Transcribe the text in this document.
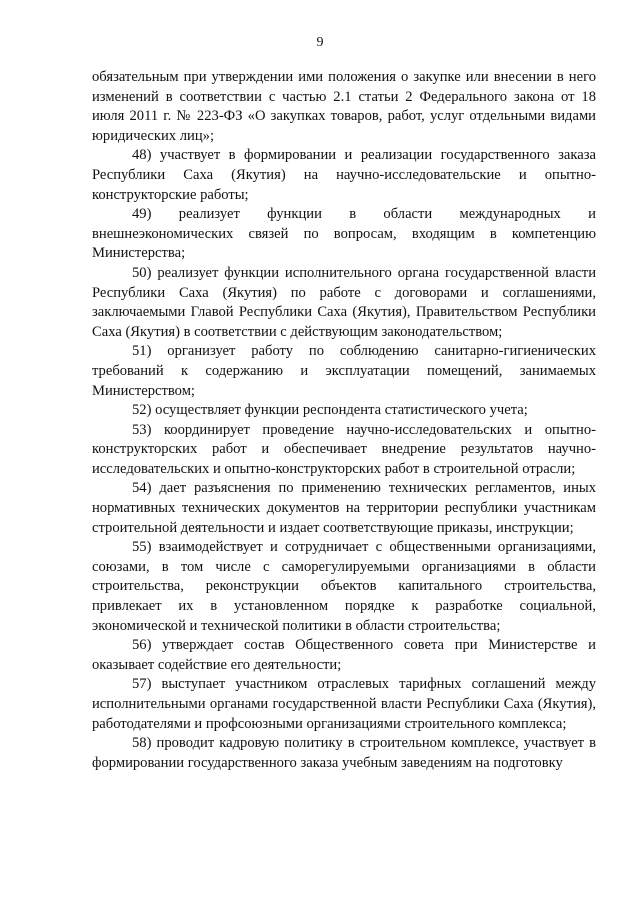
9

обязательным при утверждении ими положения о закупке или внесении в него изменений в соответствии с частью 2.1 статьи 2 Федерального закона от 18 июля 2011 г. № 223-ФЗ «О закупках товаров, работ, услуг отдельными видами юридических лиц»;

48) участвует в формировании и реализации государственного заказа Республики Саха (Якутия) на научно-исследовательские и опытно-конструкторские работы;

49) реализует функции в области международных и внешнеэкономических связей по вопросам, входящим в компетенцию Министерства;

50) реализует функции исполнительного органа государственной власти Республики Саха (Якутия) по работе с договорами и соглашениями, заключаемыми Главой Республики Саха (Якутия), Правительством Республики Саха (Якутия) в соответствии с действующим законодательством;

51) организует работу по соблюдению санитарно-гигиенических требований к содержанию и эксплуатации помещений, занимаемых Министерством;

52) осуществляет функции респондента статистического учета;

53) координирует проведение научно-исследовательских и опытно-конструкторских работ и обеспечивает внедрение результатов научно-исследовательских и опытно-конструкторских работ в строительной отрасли;

54) дает разъяснения по применению технических регламентов, иных нормативных технических документов на территории республики участникам строительной деятельности и издает соответствующие приказы, инструкции;

55) взаимодействует и сотрудничает с общественными организациями, союзами, в том числе с саморегулируемыми организациями в области строительства, реконструкции объектов капитального строительства, привлекает их в установленном порядке к разработке социальной, экономической и технической политики в области строительства;

56) утверждает состав Общественного совета при Министерстве и оказывает содействие его деятельности;

57) выступает участником отраслевых тарифных соглашений между исполнительными органами государственной власти Республики Саха (Якутия), работодателями и профсоюзными организациями строительного комплекса;

58) проводит кадровую политику в строительном комплексе, участвует в формировании государственного заказа учебным заведениям на подготовку
